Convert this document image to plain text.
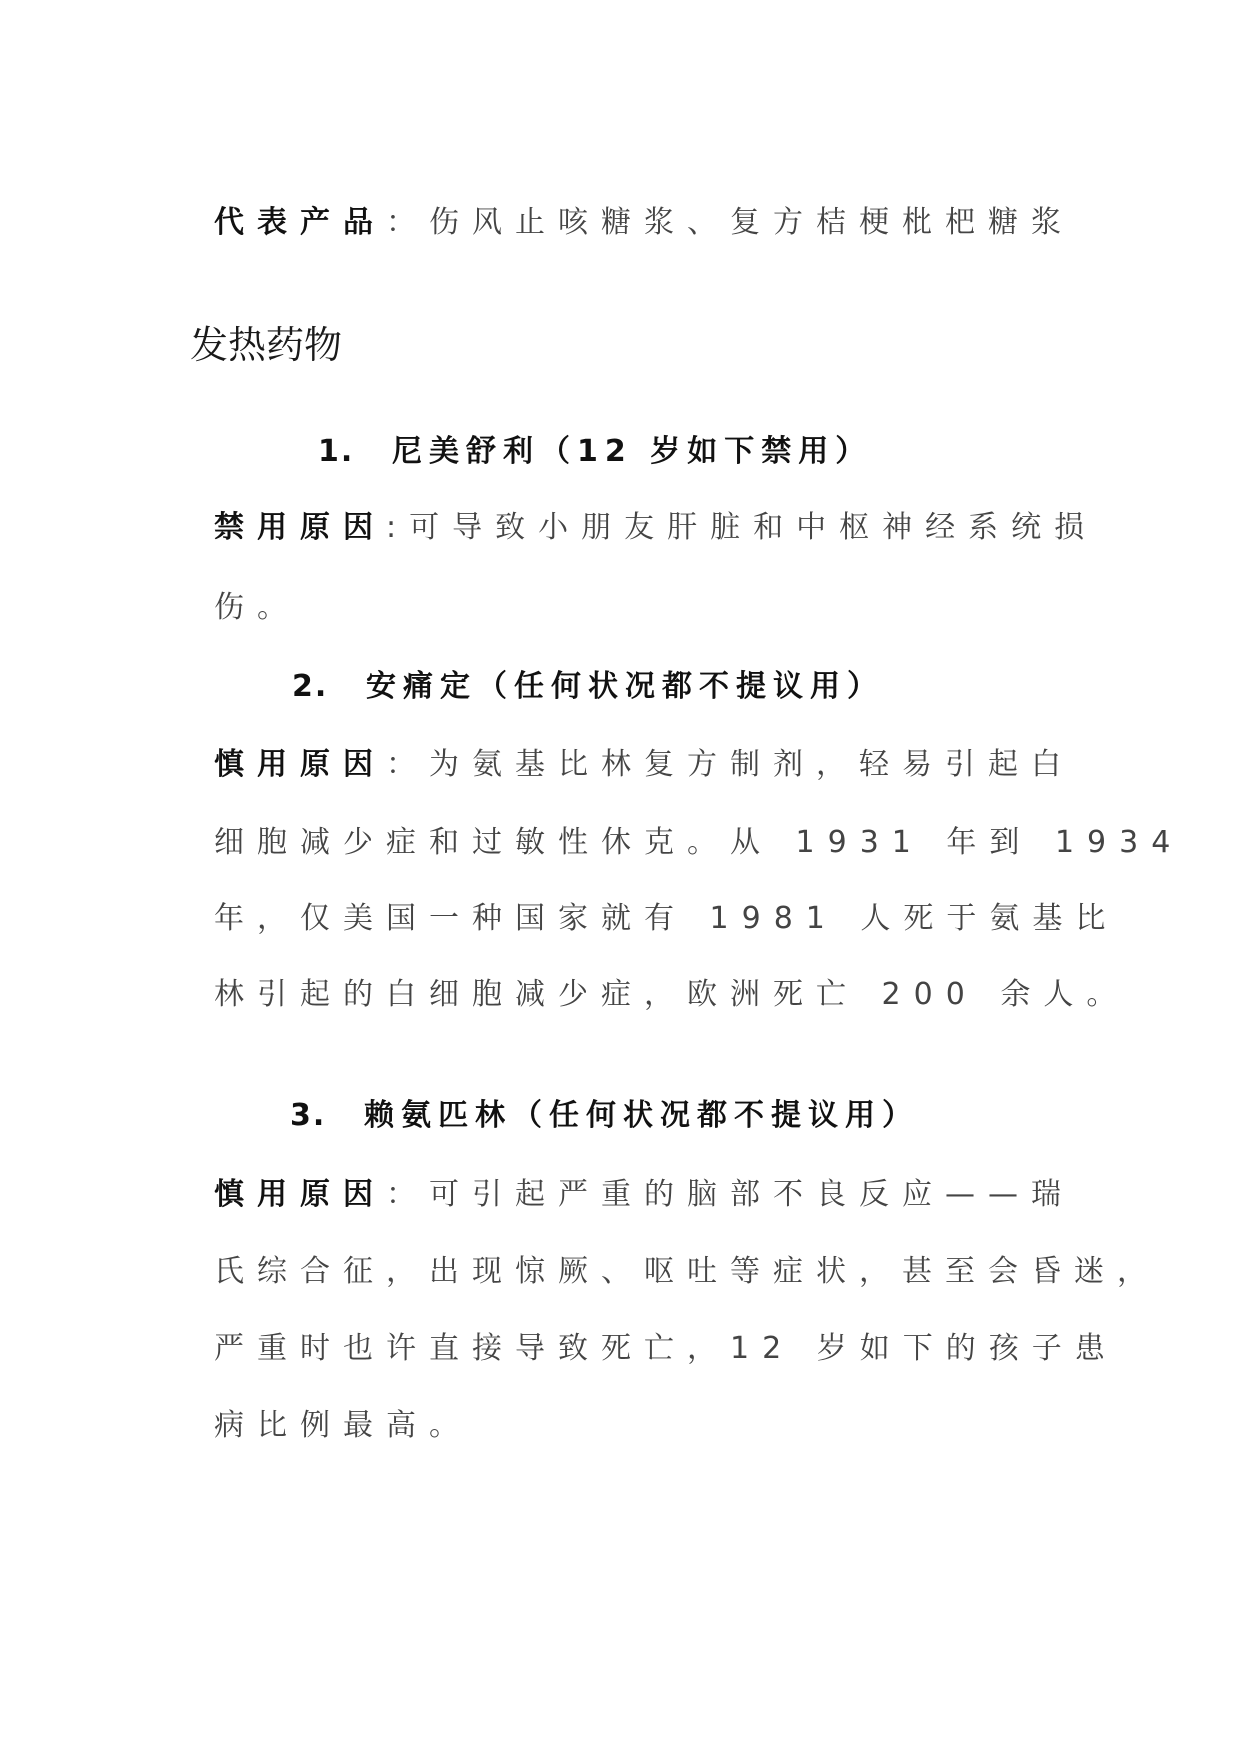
代表产品：伤风止咳糖浆、复方桔梗枇杷糖浆
发热药物
1. 尼美舒利（12 岁如下禁用）
禁用原因:可导致小朋友肝脏和中枢神经系统损
伤。
2. 安痛定（任何状况都不提议用）
慎用原因：为氨基比林复方制剂，轻易引起白
细胞减少症和过敏性休克。从 1931 年到 1934
年，仅美国一种国家就有 1981 人死于氨基比
林引起的白细胞减少症，欧洲死亡 200 余人。
3. 赖氨匹林（任何状况都不提议用）
慎用原因：可引起严重的脑部不良反应——瑞
氏综合征，出现惊厥、呕吐等症状，甚至会昏迷，
严重时也许直接导致死亡，12 岁如下的孩子患
病比例最高。
